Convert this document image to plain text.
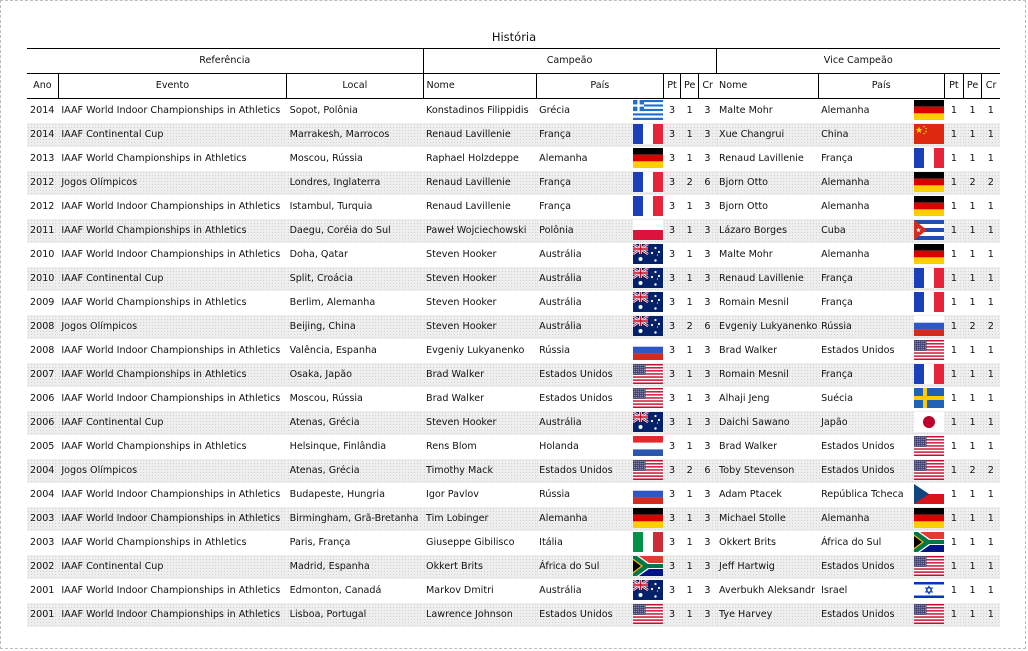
História
Referência			Campeão						Vice Campeão					
Ano	Evento	Local	Nome	País		Pt	Pe	Cr	Nome	País		Pt	Pe	Cr
2014	IAAF World Indoor Championships in Athletics	Sopot, Polônia	Konstadinos Filippidis	Grécia		3	1	3	Malte Mohr	Alemanha		1	1	1
2014	IAAF Continental Cup	Marrakesh, Marrocos	Renaud Lavillenie	França		3	1	3	Xue Changrui	China		1	1	1
2013	IAAF World Championships in Athletics	Moscou, Rússia	Raphael Holzdeppe	Alemanha		3	1	3	Renaud Lavillenie	França		1	1	1
2012	Jogos Olímpicos	Londres, Inglaterra	Renaud Lavillenie	França		3	2	6	Bjorn Otto	Alemanha		1	2	2
2012	IAAF World Indoor Championships in Athletics	Istambul, Turquia	Renaud Lavillenie	França		3	1	3	Bjorn Otto	Alemanha		1	1	1
2011	IAAF World Championships in Athletics	Daegu, Coréia do Sul	Paweł Wojciechowski	Polônia		3	1	3	Lázaro Borges	Cuba		1	1	1
2010	IAAF World Indoor Championships in Athletics	Doha, Qatar	Steven Hooker	Austrália		3	1	3	Malte Mohr	Alemanha		1	1	1
2010	IAAF Continental Cup	Split, Croácia	Steven Hooker	Austrália		3	1	3	Renaud Lavillenie	França		1	1	1
2009	IAAF World Championships in Athletics	Berlim, Alemanha	Steven Hooker	Austrália		3	1	3	Romain Mesnil	França		1	1	1
2008	Jogos Olímpicos	Beijing, China	Steven Hooker	Austrália		3	2	6	Evgeniy Lukyanenko	Rússia		1	2	2
2008	IAAF World Indoor Championships in Athletics	Valência, Espanha	Evgeniy Lukyanenko	Rússia		3	1	3	Brad Walker	Estados Unidos		1	1	1
2007	IAAF World Championships in Athletics	Osaka, Japão	Brad Walker	Estados Unidos		3	1	3	Romain Mesnil	França		1	1	1
2006	IAAF World Indoor Championships in Athletics	Moscou, Rússia	Brad Walker	Estados Unidos		3	1	3	Alhaji Jeng	Suécia		1	1	1
2006	IAAF Continental Cup	Atenas, Grécia	Steven Hooker	Austrália		3	1	3	Daichi Sawano	Japão		1	1	1
2005	IAAF World Championships in Athletics	Helsinque, Finlândia	Rens Blom	Holanda		3	1	3	Brad Walker	Estados Unidos		1	1	1
2004	Jogos Olímpicos	Atenas, Grécia	Timothy Mack	Estados Unidos		3	2	6	Toby Stevenson	Estados Unidos		1	2	2
2004	IAAF World Indoor Championships in Athletics	Budapeste, Hungria	Igor Pavlov	Rússia		3	1	3	Adam Ptacek	República Tcheca		1	1	1
2003	IAAF World Indoor Championships in Athletics	Birmingham, Grã-Bretanha	Tim Lobinger	Alemanha		3	1	3	Michael Stolle	Alemanha		1	1	1
2003	IAAF World Championships in Athletics	Paris, França	Giuseppe Gibilisco	Itália		3	1	3	Okkert Brits	África do Sul		1	1	1
2002	IAAF Continental Cup	Madrid, Espanha	Okkert Brits	África do Sul		3	1	3	Jeff Hartwig	Estados Unidos		1	1	1
2001	IAAF World Indoor Championships in Athletics	Edmonton, Canadá	Markov Dmitri	Austrália		3	1	3	Averbukh Aleksandr	Israel		1	1	1
2001	IAAF World Indoor Championships in Athletics	Lisboa, Portugal	Lawrence Johnson	Estados Unidos		3	1	3	Tye Harvey	Estados Unidos		1	1	1
